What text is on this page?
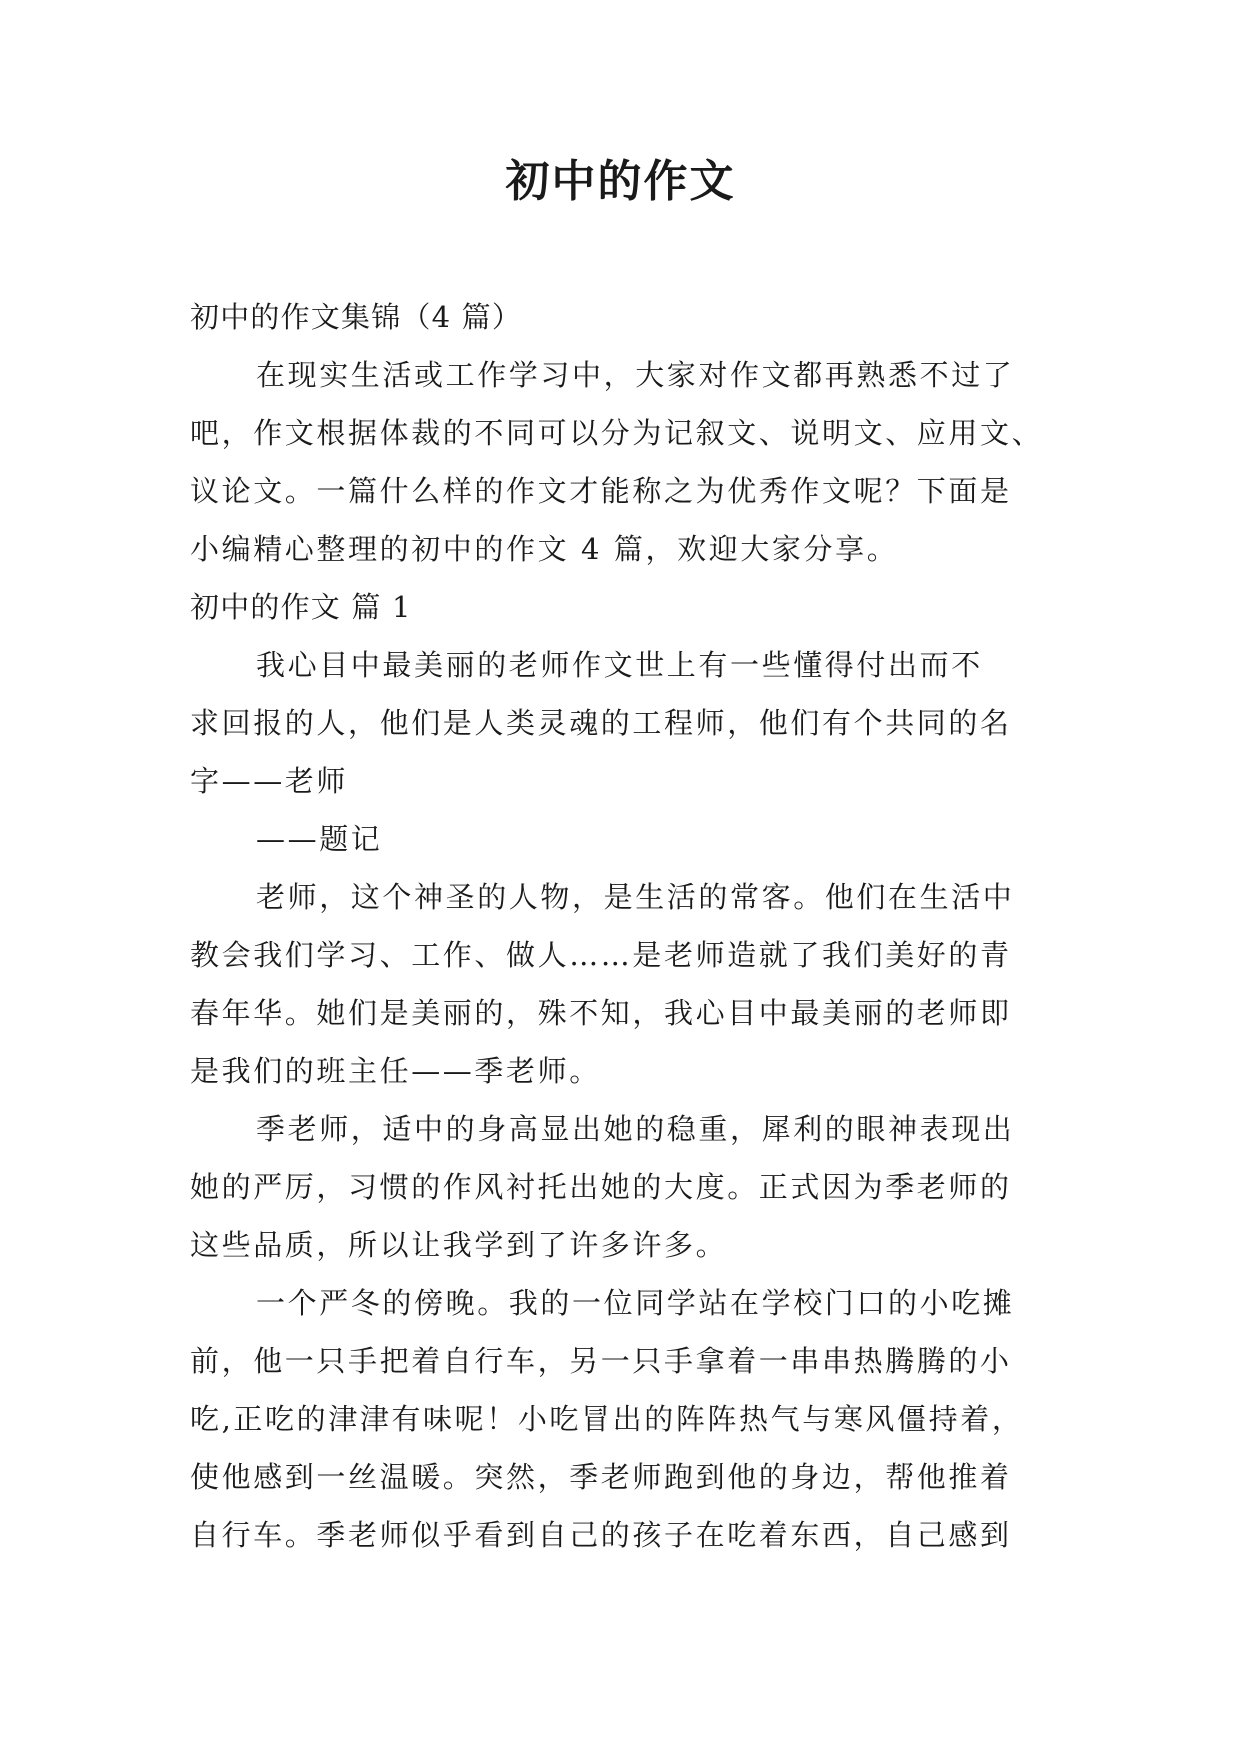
初中的作文
初中的作文集锦（4 篇）
在现实生活或工作学习中，大家对作文都再熟悉不过了
吧，作文根据体裁的不同可以分为记叙文、说明文、应用文、
议论文。一篇什么样的作文才能称之为优秀作文呢？下面是
小编精心整理的初中的作文 4 篇，欢迎大家分享。
初中的作文 篇 1
我心目中最美丽的老师作文世上有一些懂得付出而不
求回报的人，他们是人类灵魂的工程师，他们有个共同的名
字——老师
——题记
老师，这个神圣的人物，是生活的常客。他们在生活中
教会我们学习、工作、做人……是老师造就了我们美好的青
春年华。她们是美丽的，殊不知，我心目中最美丽的老师即
是我们的班主任——季老师。
季老师，适中的身高显出她的稳重，犀利的眼神表现出
她的严厉，习惯的作风衬托出她的大度。正式因为季老师的
这些品质，所以让我学到了许多许多。
一个严冬的傍晚。我的一位同学站在学校门口的小吃摊
前，他一只手把着自行车，另一只手拿着一串串热腾腾的小
吃,正吃的津津有味呢！小吃冒出的阵阵热气与寒风僵持着，
使他感到一丝温暖。突然，季老师跑到他的身边，帮他推着
自行车。季老师似乎看到自己的孩子在吃着东西，自己感到
